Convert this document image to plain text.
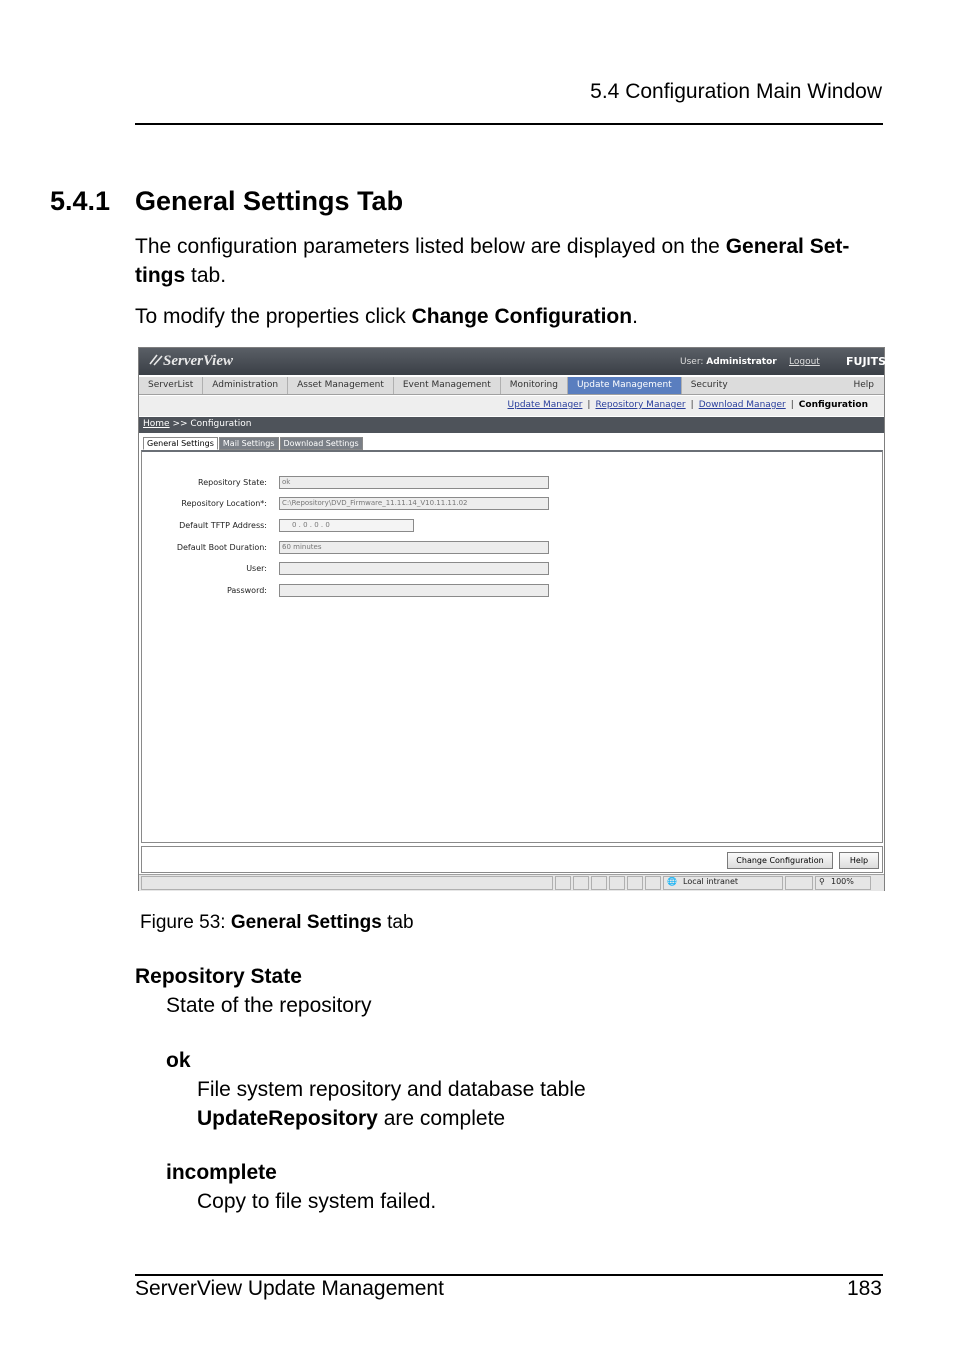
5.4 Configuration Main Window
5.4.1 General Settings Tab
The configuration parameters listed below are displayed on the General Set-
tings tab.
To modify the properties click Change Configuration.
ServerView	User: Administrator Logout FUJITSU
ServerList	Administration	Asset Management	Event Management	Monitoring	Update Management	Security	Help
Update Manager | Repository Manager | Download Manager | Configuration
Home >> Configuration
General Settings	Mail Settings	Download Settings
Repository State:	ok
Repository Location*:	C:\Repository\DVD_Firmware_11.11.14_V10.11.11.02
Default TFTP Address:	0 . 0 . 0 . 0
Default Boot Duration:	60 minutes
User:
Password:
Change Configuration	Help
🌐 Local intranet	⚲ 100%
Figure 53: General Settings tab
Repository State
State of the repository
ok
File system repository and database table
UpdateRepository are complete
incomplete
Copy to file system failed.
ServerView Update Management	183
